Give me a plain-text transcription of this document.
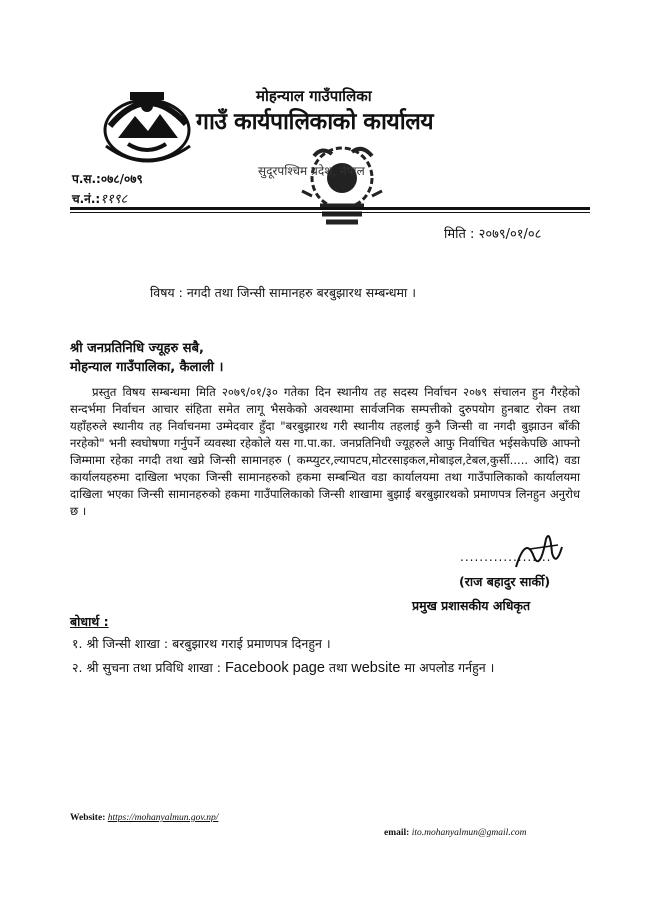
मोहन्याल गाउँपालिका
गाउँ कार्यपालिकाको कार्यालय
सुदूरपश्चिम प्रदेश, नेपाल
प.स.:०७८/०७९
च.नं.:११९८
मिति : २०७९/०१/०८
विषय : नगदी तथा जिन्सी सामानहरु बरबुझारथ सम्बन्धमा ।
श्री जनप्रतिनिधि ज्यूहरु सबै,
मोहन्याल गाउँपालिका, कैलाली ।
प्रस्तुत विषय सम्बन्धमा मिति २०७९/०१/३० गतेका दिन स्थानीय तह सदस्य निर्वाचन २०७९ संचालन हुन गैरहेको सन्दर्भमा निर्वाचन आचार संहिता समेत लागू भैसकेको अवस्थामा सार्वजनिक सम्पत्तीको दुरुपयोग हुनबाट रोक्न तथा यहाँहरुले स्थानीय तह निर्वाचनमा उम्मेदवार हुँदा "बरबुझारथ गरी स्थानीय तहलाई कुनै जिन्सी वा नगदी बुझाउन बाँकी नरहेको" भनी स्वघोषणा गर्नुपर्ने व्यवस्था रहेकोले यस गा.पा.का. जनप्रतिनिधी ज्यूहरुले आफु निर्वाचित भईसकेपछि आफ्नो जिम्मामा रहेका नगदी तथा खप्ने जिन्सी सामानहरु ( कम्प्युटर,ल्यापटप,मोटरसाइकल,मोबाइल,टेबल,कुर्सी..... आदि) वडा कार्यालयहरुमा दाखिला भएका जिन्सी सामानहरुको हकमा सम्बन्धित वडा कार्यालयमा तथा गाउँपालिकाको कार्यालयमा दाखिला भएका जिन्सी सामानहरुको हकमा गाउँपालिकाको जिन्सी शाखामा बुझाई बरबुझारथको प्रमाणपत्र लिनहुन अनुरोध छ ।
...................
(राज बहादुर सार्की)
प्रमुख प्रशासकीय अधिकृत
बोधार्थ :
१. श्री जिन्सी शाखा : बरबुझारथ गराई प्रमाणपत्र दिनहुन ।
२. श्री सुचना तथा प्रविधि शाखा : Facebook page तथा website मा अपलोड गर्नहुन ।
Website: https://mohanyalmun.gov.np/
email: ito.mohanyalmun@gmail.com
